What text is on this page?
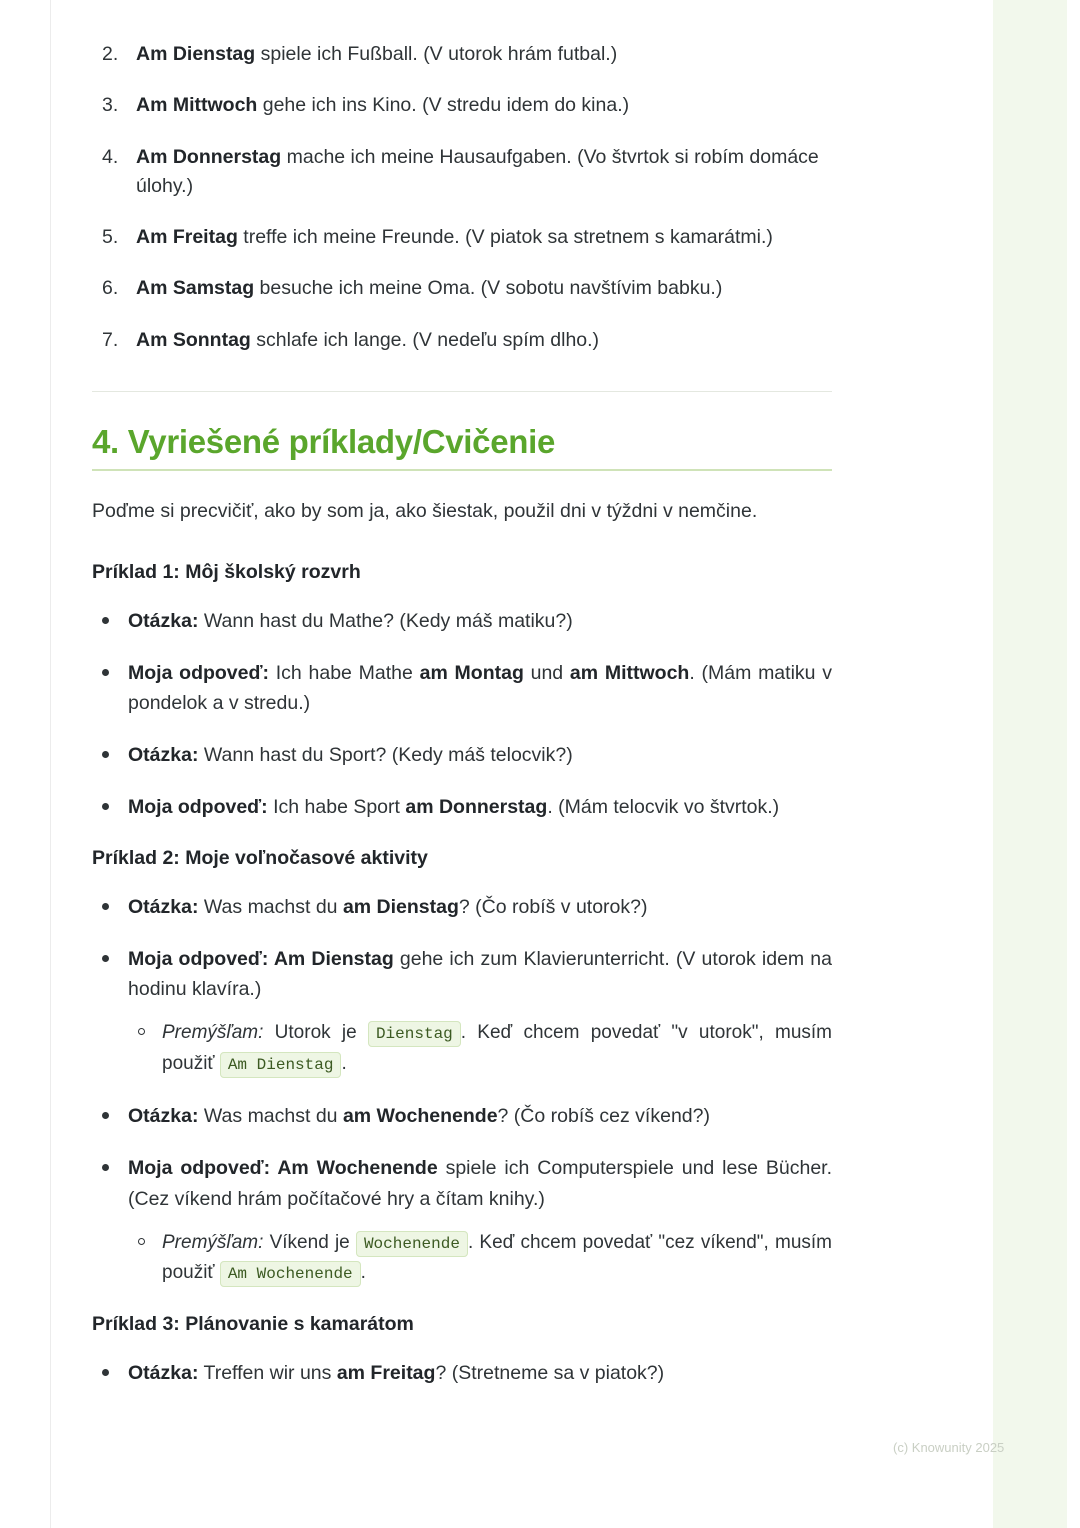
2. Am Dienstag spiele ich Fußball. (V utorok hrám futbal.)
3. Am Mittwoch gehe ich ins Kino. (V stredu idem do kina.)
4. Am Donnerstag mache ich meine Hausaufgaben. (Vo štvrtok si robím domáce úlohy.)
5. Am Freitag treffe ich meine Freunde. (V piatok sa stretnem s kamarátmi.)
6. Am Samstag besuche ich meine Oma. (V sobotu navštívim babku.)
7. Am Sonntag schlafe ich lange. (V nedeľu spím dlho.)
4. Vyriešené príklady/Cvičenie

Poďme si precvičiť, ako by som ja, ako šiestak, použil dni v týždni v nemčine.

Príklad 1: Môj školský rozvrh
Otázka: Wann hast du Mathe? (Kedy máš matiku?)
Moja odpoveď: Ich habe Mathe am Montag und am Mittwoch. (Mám matiku v pondelok a v stredu.)
Otázka: Wann hast du Sport? (Kedy máš telocvik?)
Moja odpoveď: Ich habe Sport am Donnerstag. (Mám telocvik vo štvrtok.)
Príklad 2: Moje voľnočasové aktivity
Otázka: Was machst du am Dienstag? (Čo robíš v utorok?)
Moja odpoveď: Am Dienstag gehe ich zum Klavierunterricht. (V utorok idem na hodinu klavíra.)
Premýšľam: Utorok je Dienstag . Keď chcem povedať "v utorok", musím použiť Am Dienstag .
Otázka: Was machst du am Wochenende? (Čo robíš cez víkend?)
Moja odpoveď: Am Wochenende spiele ich Computerspiele und lese Bücher. (Cez víkend hrám počítačové hry a čítam knihy.)
Premýšľam: Víkend je Wochenende . Keď chcem povedať "cez víkend", musím použiť Am Wochenende .
Príklad 3: Plánovanie s kamarátom
Otázka: Treffen wir uns am Freitag? (Stretneme sa v piatok?)
(c) Knowunity 2025
